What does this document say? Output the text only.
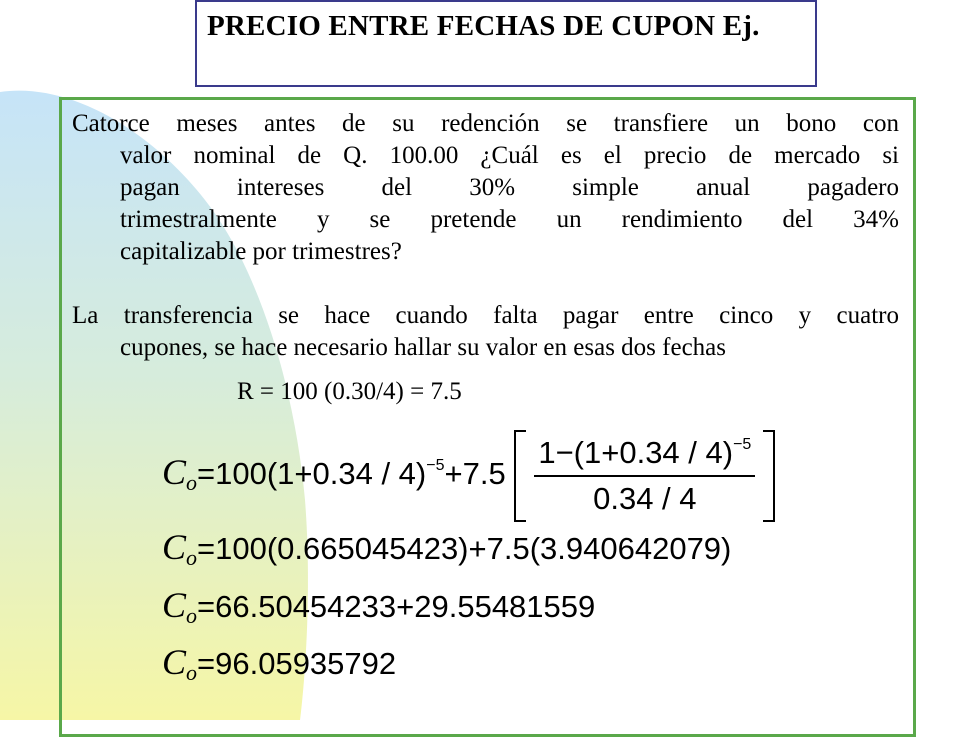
PRECIO ENTRE FECHAS DE CUPON Ej.
Catorce meses antes de su redención se transfiere un bono con
valor nominal de Q. 100.00 ¿Cuál es el precio de mercado si
pagan intereses del 30% simple anual pagadero
trimestralmente y se pretende un rendimiento del 34%
capitalizable por trimestres?
La transferencia se hace cuando falta pagar entre cinco y cuatro
cupones, se hace necesario hallar su valor en esas dos fechas
R = 100 (0.30/4) = 7.5
$C_o=100(1+0.34 / 4)^{-5}+7.5 \frac{1-(1+0.34 / 4)^{-5}}{0.34 / 4}$
$C_o=100(0.665045423)+7.5(3.940642079)$
$C_o=66.50454233+29.55481559$
$C_o=96.05935792$
